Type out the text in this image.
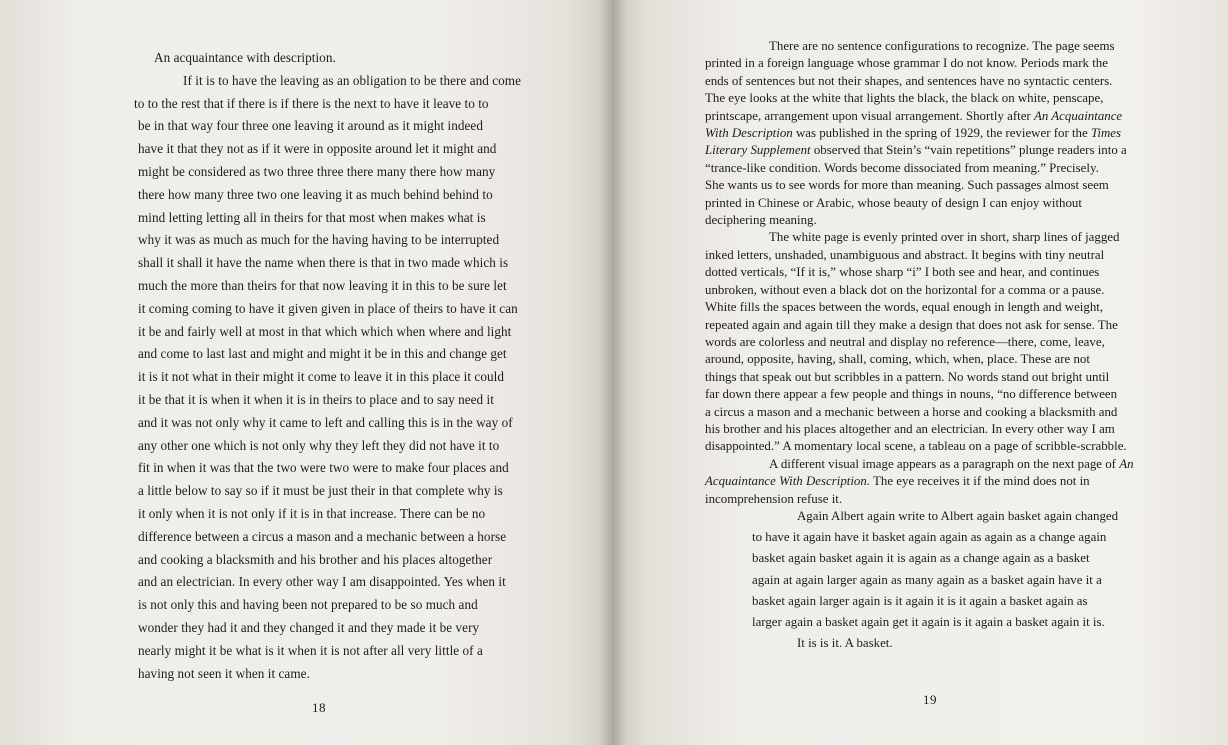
An acquaintance with description.
If it is to have the leaving as an obligation to be there and come
to to the rest that if there is if there is the next to have it leave to to
be in that way four three one leaving it around as it might indeed
have it that they not as if it were in opposite around let it might and
might be considered as two three three there many there how many
there how many three two one leaving it as much behind behind to
mind letting letting all in theirs for that most when makes what is
why it was as much as much for the having having to be interrupted
shall it shall it have the name when there is that in two made which is
much the more than theirs for that now leaving it in this to be sure let
it coming coming to have it given given in place of theirs to have it can
it be and fairly well at most in that which which when where and light
and come to last last and might and might it be in this and change get
it is it not what in their might it come to leave it in this place it could
it be that it is when it when it is in theirs to place and to say need it
and it was not only why it came to left and calling this is in the way of
any other one which is not only why they left they did not have it to
fit in when it was that the two were two were to make four places and
a little below to say so if it must be just their in that complete why is
it only when it is not only if it is in that increase. There can be no
difference between a circus a mason and a mechanic between a horse
and cooking a blacksmith and his brother and his places altogether
and an electrician. In every other way I am disappointed. Yes when it
is not only this and having been not prepared to be so much and
wonder they had it and they changed it and they made it be very
nearly might it be what is it when it is not after all very little of a
having not seen it when it came.
18
There are no sentence configurations to recognize. The page seems
printed in a foreign language whose grammar I do not know. Periods mark the
ends of sentences but not their shapes, and sentences have no syntactic centers.
The eye looks at the white that lights the black, the black on white, penscape,
printscape, arrangement upon visual arrangement. Shortly after An Acquaintance
With Description was published in the spring of 1929, the reviewer for the Times
Literary Supplement observed that Stein’s “vain repetitions” plunge readers into a
“trance-like condition. Words become dissociated from meaning.” Precisely.
She wants us to see words for more than meaning. Such passages almost seem
printed in Chinese or Arabic, whose beauty of design I can enjoy without
deciphering meaning.
The white page is evenly printed over in short, sharp lines of jagged
inked letters, unshaded, unambiguous and abstract. It begins with tiny neutral
dotted verticals, “If it is,” whose sharp “i” I both see and hear, and continues
unbroken, without even a black dot on the horizontal for a comma or a pause.
White fills the spaces between the words, equal enough in length and weight,
repeated again and again till they make a design that does not ask for sense. The
words are colorless and neutral and display no reference—there, come, leave,
around, opposite, having, shall, coming, which, when, place. These are not
things that speak out but scribbles in a pattern. No words stand out bright until
far down there appear a few people and things in nouns, “no difference between
a circus a mason and a mechanic between a horse and cooking a blacksmith and
his brother and his places altogether and an electrician. In every other way I am
disappointed.” A momentary local scene, a tableau on a page of scribble-scrabble.
A different visual image appears as a paragraph on the next page of An
Acquaintance With Description. The eye receives it if the mind does not in
incomprehension refuse it.
Again Albert again write to Albert again basket again changed
to have it again have it basket again again as again as a change again
basket again basket again it is again as a change again as a basket
again at again larger again as many again as a basket again have it a
basket again larger again is it again it is it again a basket again as
larger again a basket again get it again is it again a basket again it is.
It is is it. A basket.
19
